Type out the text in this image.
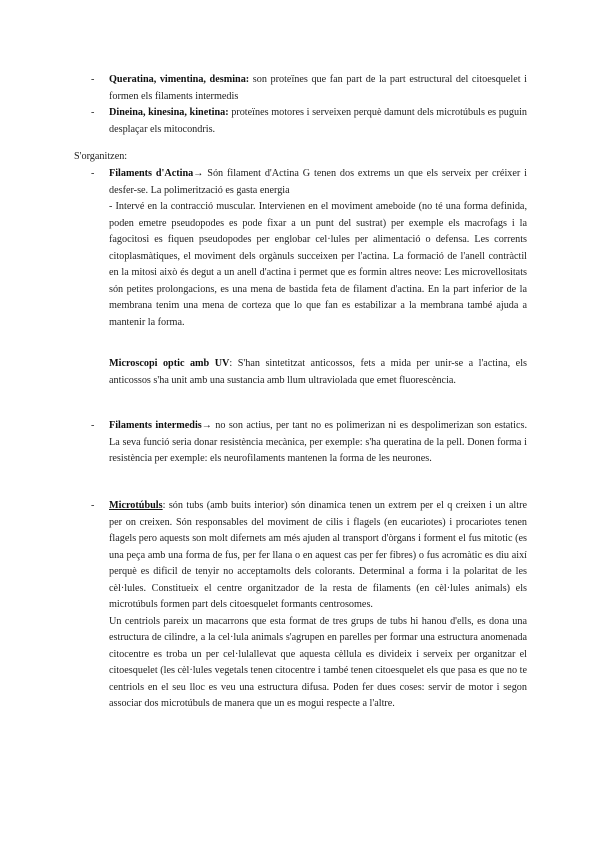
- Queratina, vimentina, desmina: son proteïnes que fan part de la part estructural del citoesquelet i formen els filaments intermedis

- Dineina, kinesina, kinetina: proteïnes motores i serveixen perquè damunt dels microtúbuls es puguin desplaçar els mitocondris.

S'organitzen:
- Filaments d'Actina→ Són filament d'Actina G tenen dos extrems un que els serveix per créixer i desfer-se. La polimerització es gasta energia

- Intervé en la contracció muscular. Intervienen en el moviment ameboide (no té una forma definida, poden emetre pseudopodes es pode fixar a un punt del sustrat) per exemple els macrofags i la fagocitosi es fiquen pseudopodes per englobar cel·lules per alimentació o defensa. Les corrents citoplasmàtiques, el moviment dels orgànuls succeixen per l'actina. La formació de l'anell contràctil en la mitosi això és degut a un anell d'actina i permet que es formin altres neove: Les microvellositats són petites prolongacions, es una mena de bastida feta de filament d'actina. En la part inferior de la membrana tenim una mena de corteza que lo que fan es estabilizar a la membrana també ajuda a mantenir la forma.

Microscopi optic amb UV: S'han sintetitzat anticossos, fets a mida per unir-se a l'actina, els anticossos s'ha unit amb una sustancia amb llum ultraviolada que emet fluorescència.

- Filaments intermedis→ no son actius, per tant no es polimerizan ni es despolimerizan son estatics. La seva funció seria donar resistència mecànica, per exemple: s'ha queratina de la pell. Donen forma i resistència per exemple: els neurofilaments mantenen la forma de les neurones.

- Microtúbuls: són tubs (amb buits interior) són dinamica tenen un extrem per el q creixen i un altre per on creixen. Són responsables del moviment de cilis i flagels (en eucariotes) i procariotes tenen flagels pero aquests son molt difernets am més ajuden al transport d'òrgans i forment el fus mitotic (es una peça amb una forma de fus, per fer llana o en aquest cas per fer fibres) o fus acromàtic es diu així perquè es dificil de tenyir no acceptamolts dels colorants. Determinal a forma i la polaritat de les cèl·lules. Constitueix el centre organitzador de la resta de filaments (en cèl·lules animals) els microtúbuls formen part dels citoesquelet formants centrosomes.

Un centriols pareix un macarrons que esta format de tres grups de tubs hi hanou d'ells, es dona una estructura de cilindre, a la cel·lula animals s'agrupen en parelles per formar una estructura anomenada citocentre es troba un per cel·lulallevat que aquesta cèllula es divideix i serveix per organitzar el citoesquelet (les cèl·lules vegetals tenen citocentre i també tenen citoesquelet els que pasa es que no te centriols en el seu lloc es veu una estructura difusa. Poden fer dues coses: servir de motor i segon associar dos microtúbuls de manera que un es mogui respecte a l'altre.
